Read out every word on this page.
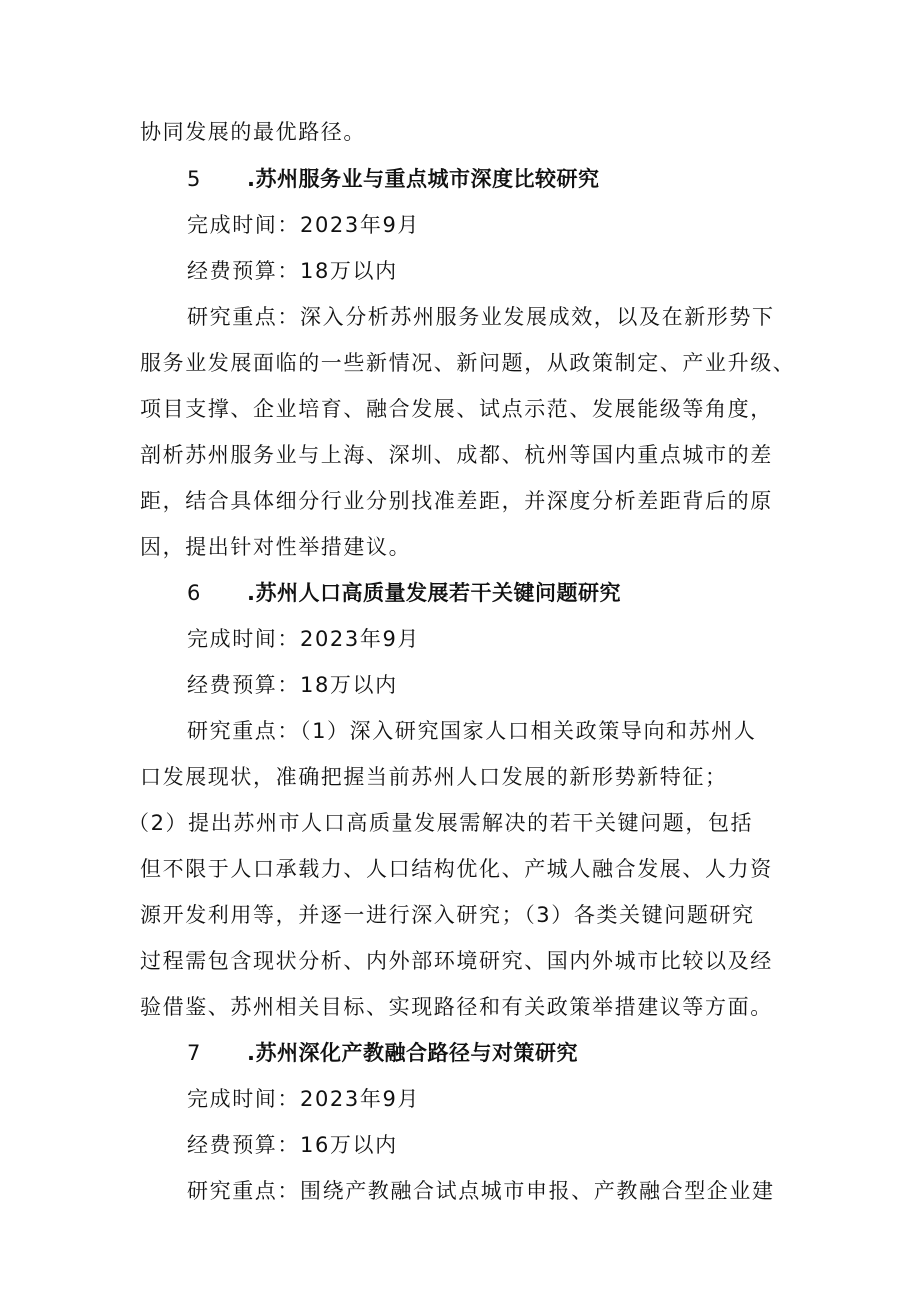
协同发展的最优路径。
5 .苏州服务业与重点城市深度比较研究
完成时间：2023年9月
经费预算：18万以内
研究重点：深入分析苏州服务业发展成效，以及在新形势下
服务业发展面临的一些新情况、新问题，从政策制定、产业升级、
项目支撑、企业培育、融合发展、试点示范、发展能级等角度，
剖析苏州服务业与上海、深圳、成都、杭州等国内重点城市的差
距，结合具体细分行业分别找准差距，并深度分析差距背后的原
因，提出针对性举措建议。
6 .苏州人口高质量发展若干关键问题研究
完成时间：2023年9月
经费预算：18万以内
研究重点：（1）深入研究国家人口相关政策导向和苏州人
口发展现状，准确把握当前苏州人口发展的新形势新特征；
（2）提出苏州市人口高质量发展需解决的若干关键问题，包括
但不限于人口承载力、人口结构优化、产城人融合发展、人力资
源开发利用等，并逐一进行深入研究；（3）各类关键问题研究
过程需包含现状分析、内外部环境研究、国内外城市比较以及经
验借鉴、苏州相关目标、实现路径和有关政策举措建议等方面。
7 .苏州深化产教融合路径与对策研究
完成时间：2023年9月
经费预算：16万以内
研究重点：围绕产教融合试点城市申报、产教融合型企业建
